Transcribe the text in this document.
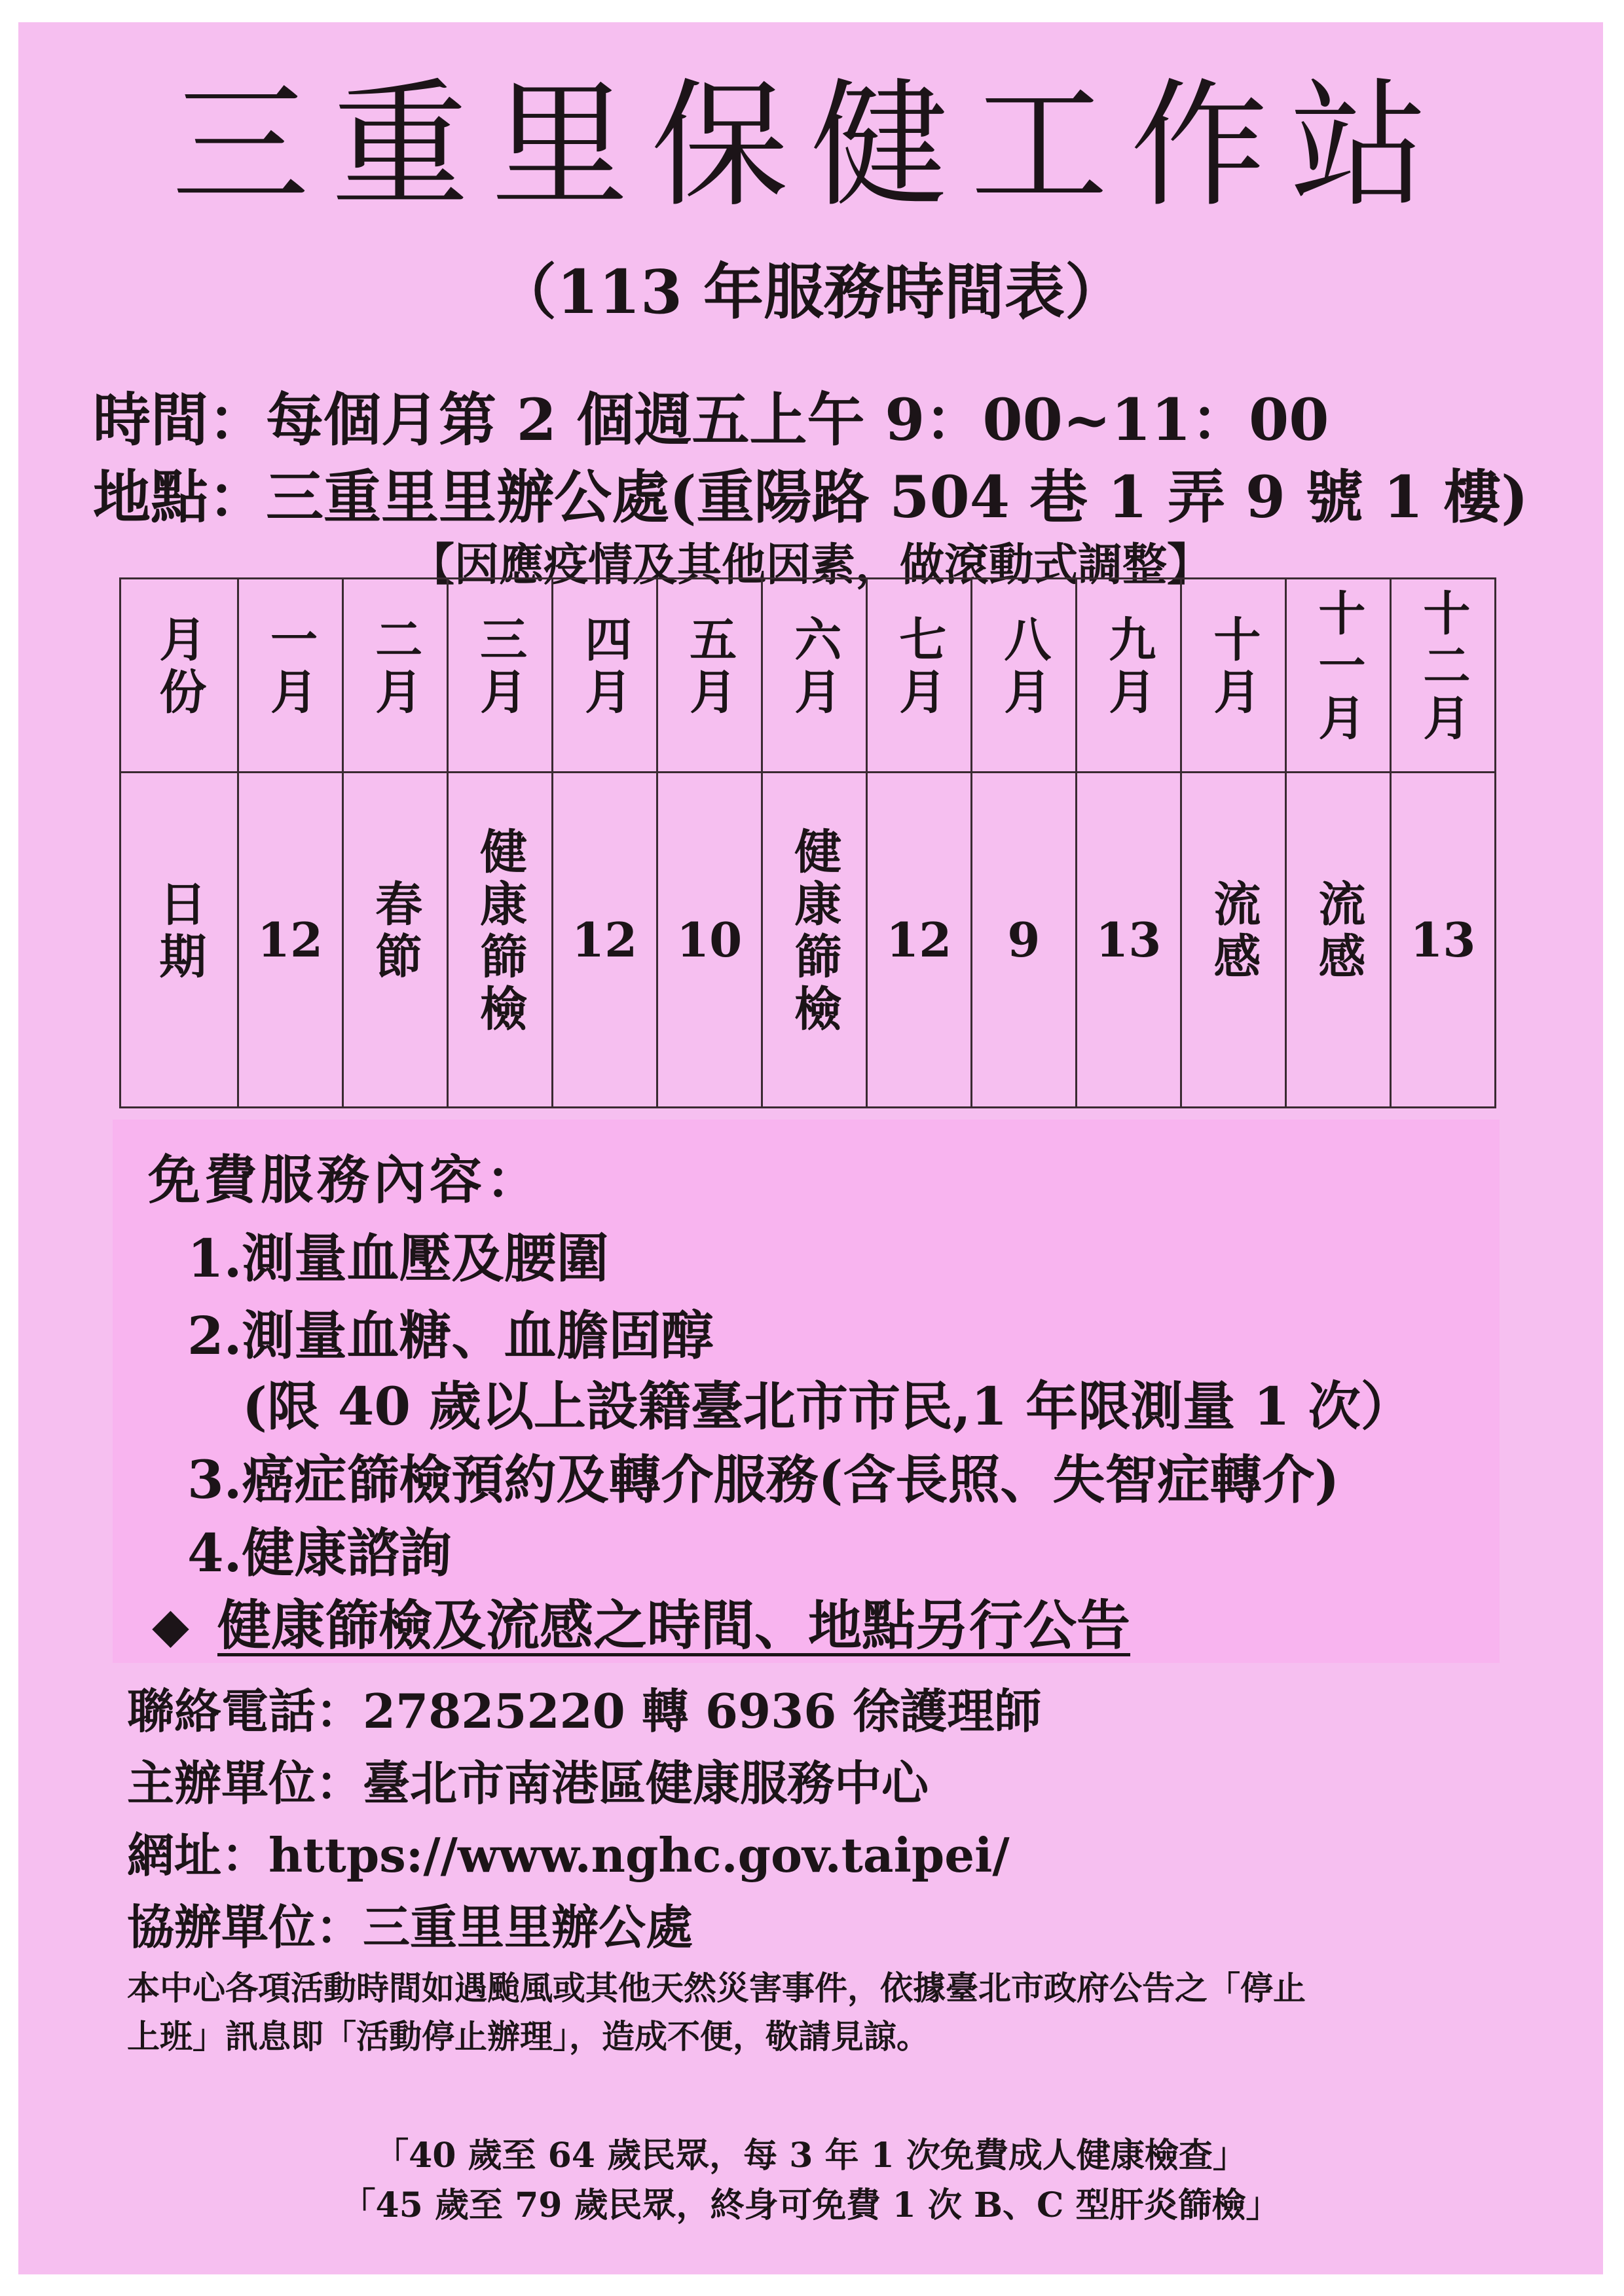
三重里保健工作站
（113 年服務時間表）
時間：每個月第 2 個週五上午 9：00~11：00
地點：三重里里辦公處(重陽路 504 巷 1 弄 9 號 1 樓)
【因應疫情及其他因素，做滾動式調整】
月份	一月	二月	三月	四月	五月	六月	七月	八月	九月	十月	十一月	十二月
日期	12	春節	健康篩檢	12	10	健康篩檢	12	9	13	流感	流感	13
免費服務內容：
1.測量血壓及腰圍
2.測量血糖、血膽固醇
(限 40 歲以上設籍臺北市市民,1 年限測量 1 次）
3.癌症篩檢預約及轉介服務(含長照、失智症轉介)
4.健康諮詢
◆ 健康篩檢及流感之時間、地點另行公告
聯絡電話：27825220 轉 6936 徐護理師
主辦單位：臺北市南港區健康服務中心
網址：https://www.nghc.gov.taipei/
協辦單位：三重里里辦公處
本中心各項活動時間如遇颱風或其他天然災害事件，依據臺北市政府公告之「停止
上班」訊息即「活動停止辦理」，造成不便，敬請見諒。
「40 歲至 64 歲民眾，每 3 年 1 次免費成人健康檢查」
「45 歲至 79 歲民眾，終身可免費 1 次 B、C 型肝炎篩檢」
